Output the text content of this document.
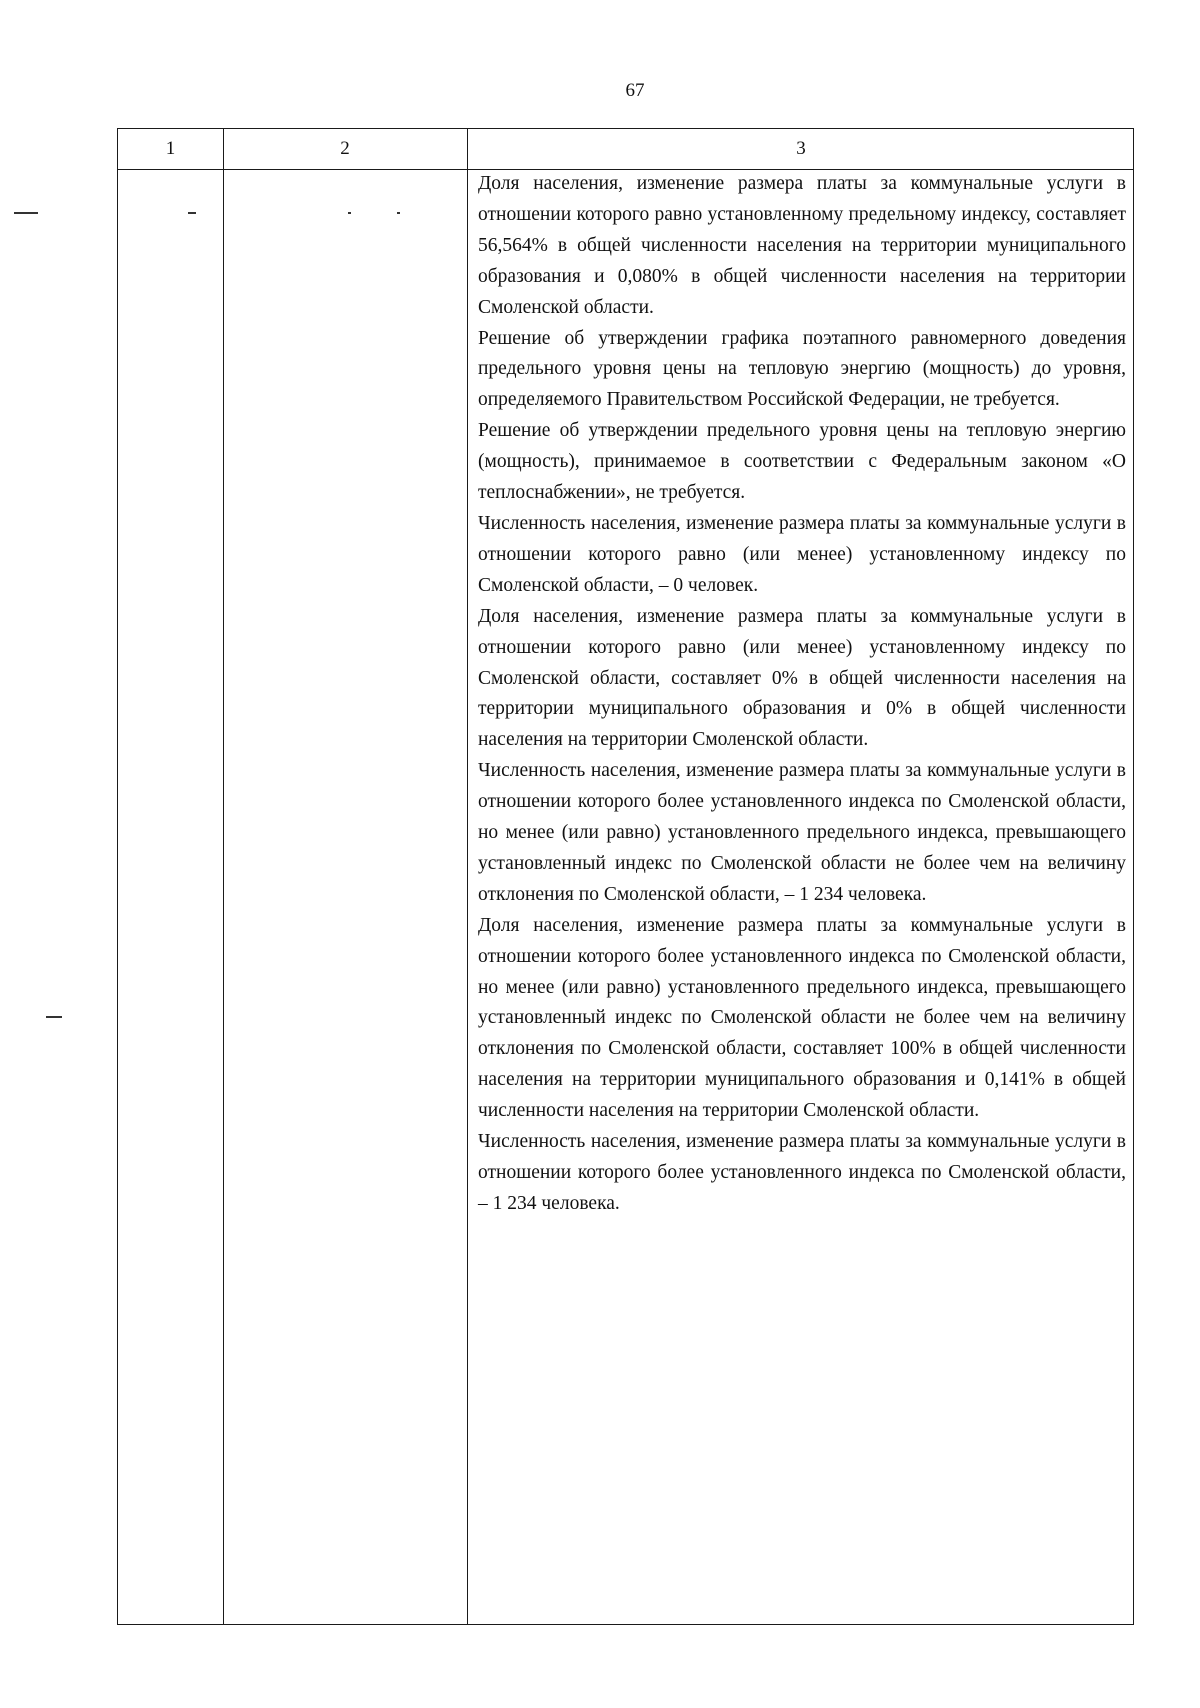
67
1	2	3

Доля населения, изменение размера платы за коммунальные услуги в отношении которого равно установленному предельному индексу, составляет 56,564% в общей численности населения на территории муниципального образования и 0,080% в общей численности населения на территории Смоленской области.

Решение об утверждении графика поэтапного равномерного доведения предельного уровня цены на тепловую энергию (мощность) до уровня, определяемого Правительством Российской Федерации, не требуется.

Решение об утверждении предельного уровня цены на тепловую энергию (мощность), принимаемое в соответствии с Федеральным законом «О теплоснабжении», не требуется.

Численность населения, изменение размера платы за коммунальные услуги в отношении которого равно (или менее) установленному индексу по Смоленской области, – 0 человек.

Доля населения, изменение размера платы за коммунальные услуги в отношении которого равно (или менее) установленному индексу по Смоленской области, составляет 0% в общей численности населения на территории муниципального образования и 0% в общей численности населения на территории Смоленской области.

Численность населения, изменение размера платы за коммунальные услуги в отношении которого более установленного индекса по Смоленской области, но менее (или равно) установленного предельного индекса, превышающего установленный индекс по Смоленской области не более чем на величину отклонения по Смоленской области, – 1 234 человека.

Доля населения, изменение размера платы за коммунальные услуги в отношении которого более установленного индекса по Смоленской области, но менее (или равно) установленного предельного индекса, превышающего установленный индекс по Смоленской области не более чем на величину отклонения по Смоленской области, составляет 100% в общей численности населения на территории муниципального образования и 0,141% в общей численности населения на территории Смоленской области.

Численность населения, изменение размера платы за коммунальные услуги в отношении которого более установленного индекса по Смоленской области, – 1 234 человека.
